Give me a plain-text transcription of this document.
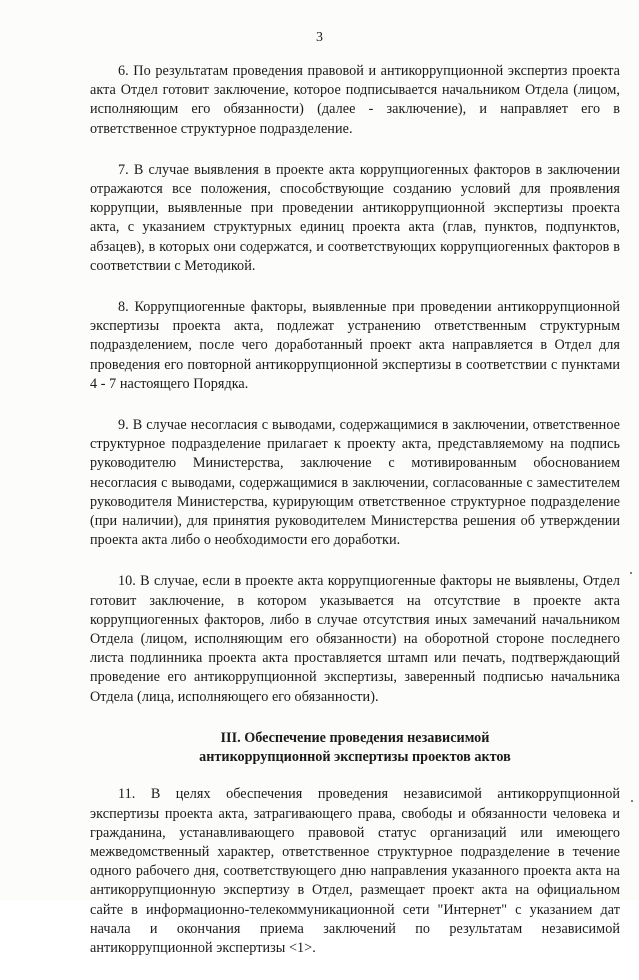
3

6. По результатам проведения правовой и антикоррупционной экспертиз проекта акта Отдел готовит заключение, которое подписывается начальником Отдела (лицом, исполняющим его обязанности) (далее - заключение), и направляет его в ответственное структурное подразделение.

7. В случае выявления в проекте акта коррупциогенных факторов в заключении отражаются все положения, способствующие созданию условий для проявления коррупции, выявленные при проведении антикоррупционной экспертизы проекта акта, с указанием структурных единиц проекта акта (глав, пунктов, подпунктов, абзацев), в которых они содержатся, и соответствующих коррупциогенных факторов в соответствии с Методикой.

8. Коррупциогенные факторы, выявленные при проведении антикоррупционной экспертизы проекта акта, подлежат устранению ответственным структурным подразделением, после чего доработанный проект акта направляется в Отдел для проведения его повторной антикоррупционной экспертизы в соответствии с пунктами 4 - 7 настоящего Порядка.

9. В случае несогласия с выводами, содержащимися в заключении, ответственное структурное подразделение прилагает к проекту акта, представляемому на подпись руководителю Министерства, заключение с мотивированным обоснованием несогласия с выводами, содержащимися в заключении, согласованные с заместителем руководителя Министерства, курирующим ответственное структурное подразделение (при наличии), для принятия руководителем Министерства решения об утверждении проекта акта либо о необходимости его доработки.

10. В случае, если в проекте акта коррупциогенные факторы не выявлены, Отдел готовит заключение, в котором указывается на отсутствие в проекте акта коррупциогенных факторов, либо в случае отсутствия иных замечаний начальником Отдела (лицом, исполняющим его обязанности) на оборотной стороне последнего листа подлинника проекта акта проставляется штамп или печать, подтверждающий проведение его антикоррупционной экспертизы, заверенный подписью начальника Отдела (лица, исполняющего его обязанности).

III. Обеспечение проведения независимой
антикоррупционной экспертизы проектов актов

11. В целях обеспечения проведения независимой антикоррупционной экспертизы проекта акта, затрагивающего права, свободы и обязанности человека и гражданина, устанавливающего правовой статус организаций или имеющего межведомственный характер, ответственное структурное подразделение в течение одного рабочего дня, соответствующего дню направления указанного проекта акта на антикоррупционную экспертизу в Отдел, размещает проект акта на официальном сайте в информационно-телекоммуникационной сети "Интернет" с указанием дат начала и окончания приема заключений по результатам независимой антикоррупционной экспертизы <1>.
